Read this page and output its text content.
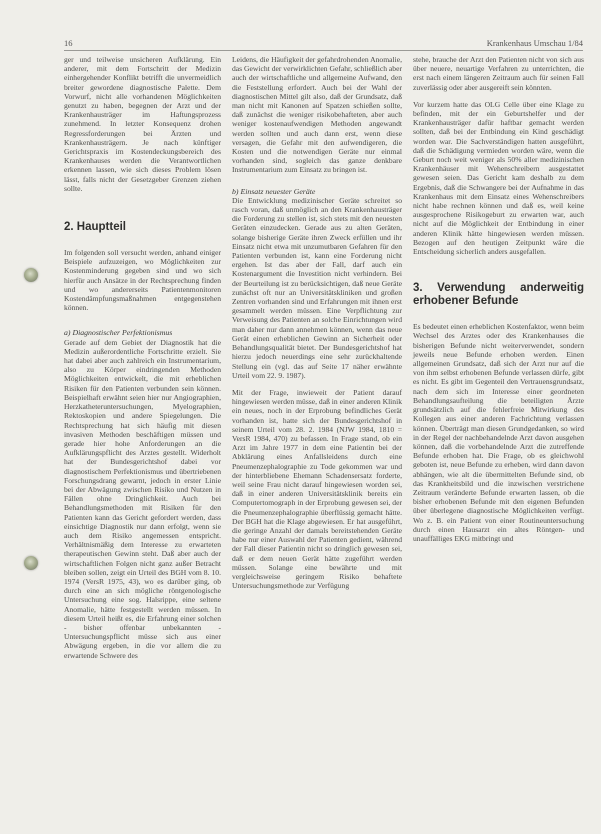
16	Krankenhaus Umschau 1/84

ger und teilweise unsicheren Aufklärung. Ein anderer, mit dem Fortschritt der Medizin einhergehender Konflikt betrifft die unvermeidlich breiter gewordene diagnostische Palette. Dem Vorwurf, nicht alle vorhandenen Möglichkeiten genutzt zu haben, begegnen der Arzt und der Krankenhausträger im Haftungsprozess zunehmend. In letzter Konsequenz drohen Regressforderungen bei Ärzten und Krankenhausträgern. Je nach künftiger Gerichtspraxis im Kostendeckungsbereich des Krankenhauses werden die Verantwortlichen erkennen lassen, wie sich dieses Problem lösen lässt, falls nicht der Gesetzgeber Grenzen ziehen sollte.

2. Hauptteil

Im folgenden soll versucht werden, anhand einiger Beispiele aufzuzeigen, wo Möglichkeiten zur Kostenminderung gegeben sind und wo sich hierfür auch Ansätze in der Rechtsprechung finden und wo andererseits Patientenmonitoren Kostendämpfungsmaßnahmen entgegenstehen können.

a) Diagnostischer Perfektionismus

Gerade auf dem Gebiet der Diagnostik hat die Medizin außerordentliche Fortschritte erzielt. Sie hat dabei aber auch zahlreich ein Instrumentarium, also zu Körper eindringenden Methoden Möglichkeiten entwickelt, die mit erheblichen Risiken für den Patienten verbunden sein können. Beispielhaft erwähnt seien hier nur Angiographien, Herzkatheteruntersuchungen, Myelographien, Rektoskopien und andere Spiegelungen. Die Rechtsprechung hat sich häufig mit diesen invasiven Methoden beschäftigen müssen und gerade hier hohe Anforderungen an die Aufklärungspflicht des Arztes gestellt. Widerholt hat der Bundesgerichtshof dabei vor diagnostischem Perfektionismus und übertriebenen Forschungsdrang gewarnt, jedoch in erster Linie bei der Abwägung zwischen Risiko und Nutzen in Fällen ohne Dringlichkeit. Auch bei Behandlungsmethoden mit Risiken für den Patienten kann das Gericht gefordert werden, dass einsichtige Diagnostik nur dann erfolgt, wenn sie auch dem Risiko angemessen entspricht. Verhältnismäßig dem Interesse zu erwarteten therapeutischen Gewinn steht. Daß aber auch der wirtschaftlichen Folgen nicht ganz außer Betracht bleiben sollen, zeigt ein Urteil des BGH vom 8. 10. 1974 (VersR 1975, 43), wo es darüber ging, ob durch eine an sich mögliche röntgenologische Untersuchung eine sog. Halsrippe, eine seltene Anomalie, hätte festgestellt werden müssen. In diesem Urteil heißt es, die Erfahrung einer solchen - bisher offenbar unbekannten - Untersuchungspflicht müsse sich aus einer Abwägung ergeben, in die vor allem die zu erwartende Schwere des

Leidens, die Häufigkeit der gefahrdrohenden Anomalie, das Gewicht der verwirklichten Gefahr, schließlich aber auch der wirtschaftliche und allgemeine Aufwand, den die Feststellung erfordert. Auch bei der Wahl der diagnostischen Mittel gilt also, daß der Grundsatz, daß man nicht mit Kanonen auf Spatzen schießen sollte, daß zunächst die weniger risikobehafteten, aber auch weniger kostenaufwendigen Methoden angewandt werden sollten und auch dann erst, wenn diese versagen, die Gefahr mit den aufwendigeren, die Kosten und die notwendigen Geräte nur einmal vorhanden sind, sogleich das ganze denkbare Instrumentarium zum Einsatz zu bringen ist.

b) Einsatz neuester Geräte

Die Entwicklung medizinischer Geräte schreitet so rasch voran, daß unmöglich an den Krankenhausträger die Forderung zu stellen ist, sich stets mit den neuesten Geräten einzudecken. Gerade aus zu alten Geräten, solange bisherige Geräte ihren Zweck erfüllen und ihr Einsatz nicht etwa mit unzumutbaren Gefahren für den Patienten verbunden ist, kann eine Forderung nicht ergehen. Ist das aber der Fall, darf auch ein Kostenargument die Investition nicht verhindern. Bei der Beurteilung ist zu berücksichtigen, daß neue Geräte zunächst oft nur an Universitätskliniken und großen Zentren vorhanden sind und Erfahrungen mit ihnen erst gesammelt werden müssen. Eine Verpflichtung zur Verweisung des Patienten an solche Einrichtungen wird man daher nur dann annehmen können, wenn das neue Gerät einen erheblichen Gewinn an Sicherheit oder Behandlungsqualität bietet. Der Bundesgerichtshof hat hierzu jedoch neuerdings eine sehr zurückhaltende Stellung ein (vgl. das auf Seite 17 näher erwähnte Urteil vom 22. 9. 1987).

Mit der Frage, inwieweit der Patient darauf hingewiesen werden müsse, daß in einer anderen Klinik ein neues, noch in der Erprobung befindliches Gerät vorhanden ist, hatte sich der Bundesgerichtshof in seinem Urteil vom 28. 2. 1984 (NJW 1984, 1810 = VersR 1984, 470) zu befassen. In Frage stand, ob ein Arzt im Jahre 1977 in dem eine Patientin bei der Abklärung eines Anfallsleidens durch eine Pneumenzephalographie zu Tode gekommen war und der hinterbliebene Ehemann Schadensersatz forderte, weil seine Frau nicht darauf hingewiesen worden sei, daß in einer anderen Universitätsklinik bereits ein Computertomograph in der Erprobung gewesen sei, der die Pneumenzephalographie überflüssig gemacht hätte. Der BGH hat die Klage abgewiesen. Er hat ausgeführt, die geringe Anzahl der damals bereitstehenden Geräte habe nur einer Auswahl der Patienten gedient, während der Fall dieser Patientin nicht so dringlich gewesen sei, daß er dem neuen Gerät hätte zugeführt werden müssen. Solange eine bewährte und mit vergleichsweise geringem Risiko behaftete Untersuchungsmethode zur Verfügung

stehe, brauche der Arzt den Patienten nicht von sich aus über neuere, neuartige Verfahren zu unterrichten, die erst nach einem längeren Zeitraum auch für seinen Fall zuverlässig oder aber ausgereift sein könnten.

Vor kurzem hatte das OLG Celle über eine Klage zu befinden, mit der ein Geburtshelfer und der Krankenhausträger dafür haftbar gemacht werden sollten, daß bei der Entbindung ein Kind geschädigt worden war. Die Sachverständigen hatten ausgeführt, daß die Schädigung vermieden worden wäre, wenn die Geburt noch weit weniger als 50% aller medizinischen Krankenhäuser mit Wehenschreibern ausgestattet gewesen seien. Das Gericht kam deshalb zu dem Ergebnis, daß die Schwangere bei der Aufnahme in das Krankenhaus mit dem Einsatz eines Wehenschreibers nicht habe rechnen können und daß es, weil keine ausgesprochene Risikogeburt zu erwarten war, auch nicht auf die Möglichkeit der Entbindung in einer anderen Klinik hätte hingewiesen werden müssen. Bezogen auf den heutigen Zeitpunkt wäre die Entscheidung sicherlich anders ausgefallen.

3. Verwendung anderweitig erhobener Befunde

Es bedeutet einen erheblichen Kostenfaktor, wenn beim Wechsel des Arztes oder des Krankenhauses die bisherigen Befunde nicht weiterverwendet, sondern jeweils neue Befunde erhoben werden. Einen allgemeinen Grundsatz, daß sich der Arzt nur auf die von ihm selbst erhobenen Befunde verlassen dürfe, gibt es nicht. Es gibt im Gegenteil den Vertrauensgrundsatz, nach dem sich im Interesse einer geordneten Behandlungsaufteilung die beteiligten Ärzte grundsätzlich auf die fehlerfreie Mitwirkung des Kollegen aus einer anderen Fachrichtung verlassen können. Überträgt man diesen Grundgedanken, so wird in der Regel der nachbehandelnde Arzt davon ausgehen können, daß die vorbehandelnde Arzt die zutreffende Befunde erhoben hat. Die Frage, ob es gleichwohl geboten ist, neue Befunde zu erheben, wird dann davon abhängen, wie alt die übermittelten Befunde sind, ob das Krankheitsbild und die inzwischen verstrichene Zeitraum veränderte Befunde erwarten lassen, ob die bisher erhobenen Befunde mit den eigenen Befunden über überlegene diagnostische Möglichkeiten verfügt. Wo z. B. ein Patient von einer Routineuntersuchung durch einen Hausarzt ein altes Röntgen- und unauffälliges EKG mitbringt und
